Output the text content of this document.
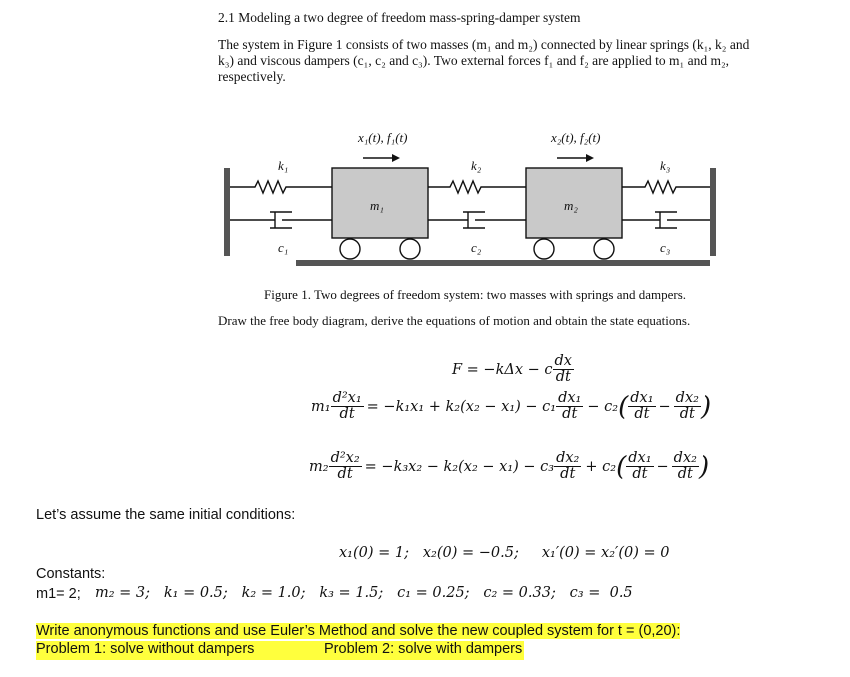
2.1 Modeling a two degree of freedom mass-spring-damper system
The system in Figure 1 consists of two masses (m₁ and m₂) connected by linear springs (k₁, k₂ and
k₃) and viscous dampers (c₁, c₂ and c₃). Two external forces f₁ and f₂ are applied to m₁ and m₂,
respectively.
x₁(t), f₁(t)	x₂(t), f₂(t)
k₁	k₂	k₃
c₁	c₂	c₃
m₁	m₂
Figure 1. Two degrees of freedom system: two masses with springs and dampers.
Draw the free body diagram, derive the equations of motion and obtain the state equations.
F = −kΔx − c $\frac{dx}{dt}$
$m_1 \frac{\text{d²x₁}}{dt} = -k_1x_1 + k_2(x_2 - x_1) - c_1 \frac{\text{dx₁}}{dt} - c_2$ ( $\frac{\text{dx₁}}{dt} - \frac{\text{dx₂}}{dt}$ )
$m_2 \frac{\text{d²x₂}}{dt} = -k_3x_2 - k_2(x_2 - x_1) - c_3 \frac{\text{dx₂}}{dt} + c_2$ ( $\frac{\text{dx₁}}{dt} - \frac{\text{dx₂}}{dt}$ )
Let’s assume the same initial conditions:
x₁(0) = 1;   x₂(0) = −0.5;     x₁′(0) = x₂′(0) = 0
Constants:
m1= 2; m₂ = 3;   k₁ = 0.5;   k₂ = 1.0;   k₃ = 1.5;   c₁ = 0.25;   c₂ = 0.33;   c₃ =  0.5
Write anonymous functions and use Euler’s Method and solve the new coupled system for t = (0,20):
Problem 1: solve without dampers	Problem 2: solve with dampers
